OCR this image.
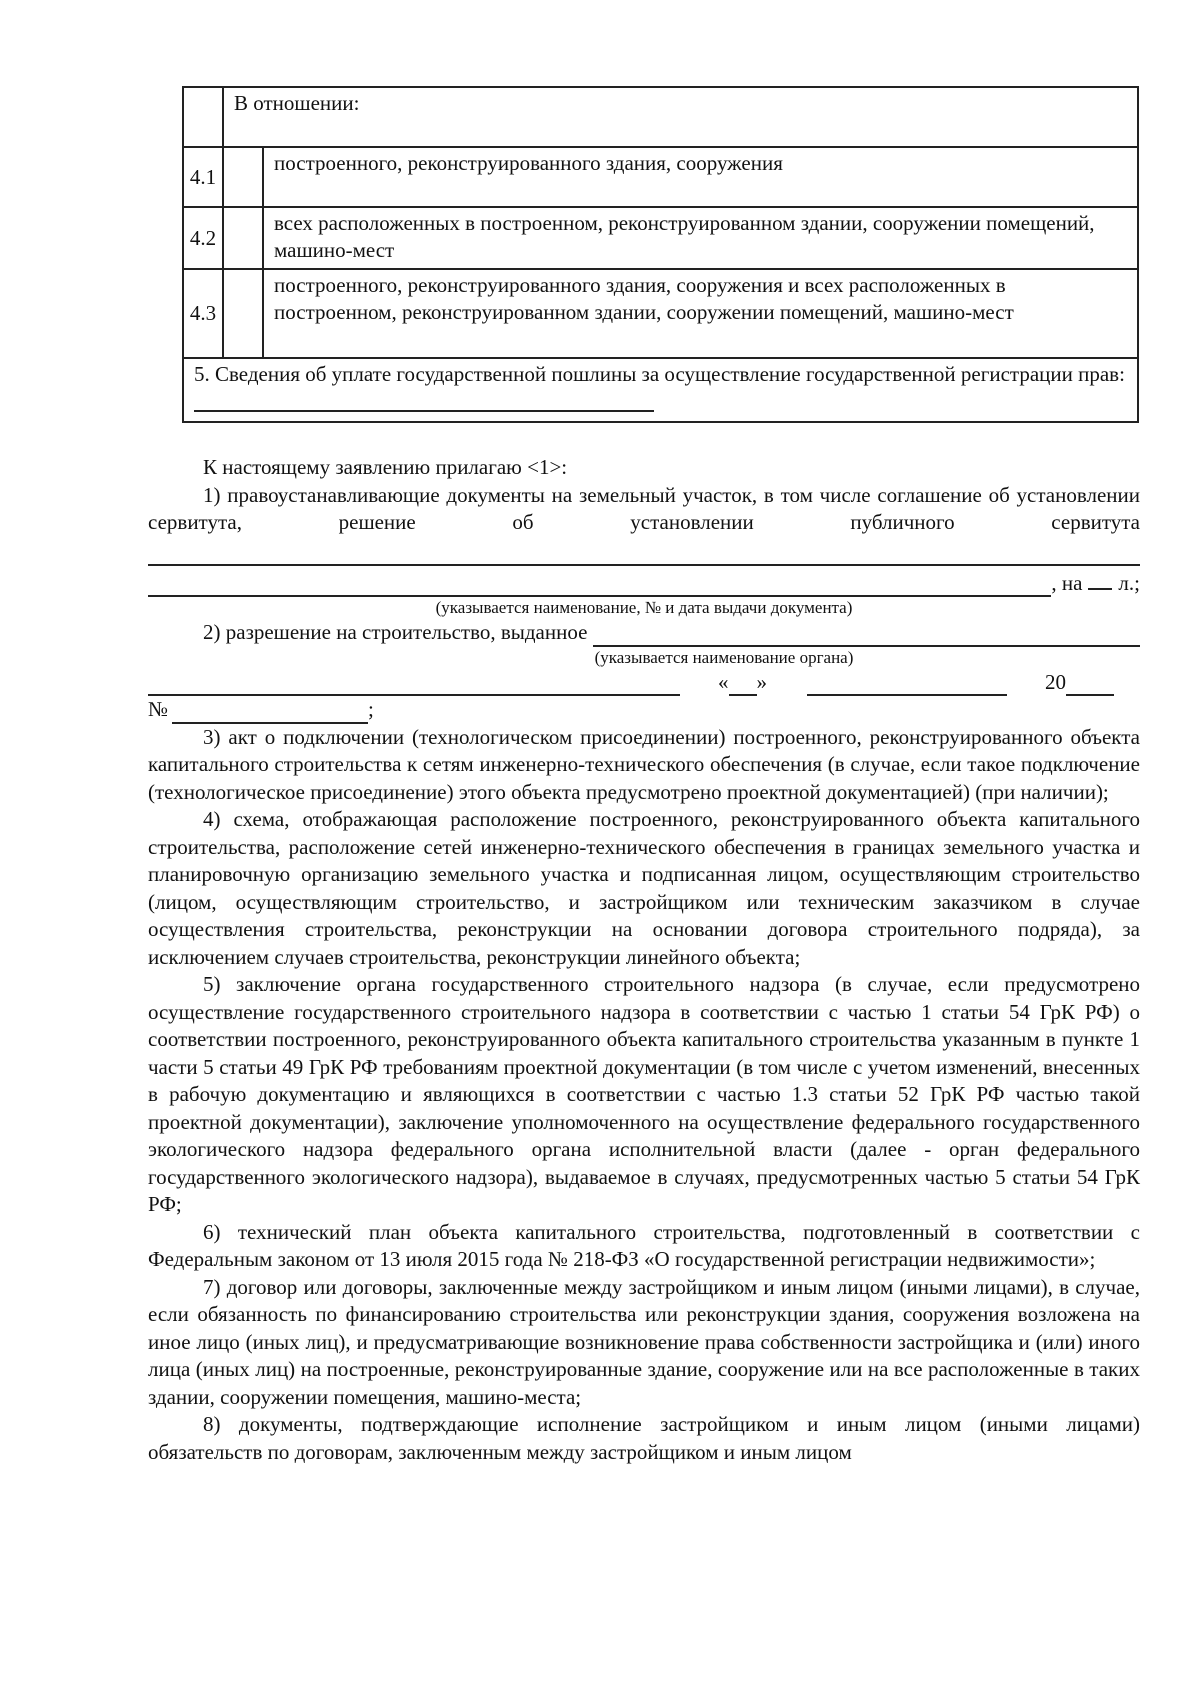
	В отношении:	
4.1		построенного, реконструированного здания, сооружения
4.2		всех расположенных в построенном, реконструированном здании, сооружении помещений, машино-мест
4.3		построенного, реконструированного здания, сооружения и всех расположенных в построенном, реконструированном здании, сооружении помещений, машино-мест
5. Сведения об уплате государственной пошлины за осуществление государственной регистрации прав:		

К настоящему заявлению прилагаю <1>:

1) правоустанавливающие документы на земельный участок, в том числе соглашение об установлении сервитута, решение об установлении публичного сервитута

, на л.;
(указывается наименование, № и дата выдачи документа)
2) разрешение на строительство, выданное
(указывается наименование органа)
« »	20
№	;

3) акт о подключении (технологическом присоединении) построенного, реконструированного объекта капитального строительства к сетям инженерно-технического обеспечения (в случае, если такое подключение (технологическое присоединение) этого объекта предусмотрено проектной документацией) (при наличии);

4) схема, отображающая расположение построенного, реконструированного объекта капитального строительства, расположение сетей инженерно-технического обеспечения в границах земельного участка и планировочную организацию земельного участка и подписанная лицом, осуществляющим строительство (лицом, осуществляющим строительство, и застройщиком или техническим заказчиком в случае осуществления строительства, реконструкции на основании договора строительного подряда), за исключением случаев строительства, реконструкции линейного объекта;

5) заключение органа государственного строительного надзора (в случае, если предусмотрено осуществление государственного строительного надзора в соответствии с частью 1 статьи 54 ГрК РФ) о соответствии построенного, реконструированного объекта капитального строительства указанным в пункте 1 части 5 статьи 49 ГрК РФ требованиям проектной документации (в том числе с учетом изменений, внесенных в рабочую документацию и являющихся в соответствии с частью 1.3 статьи 52 ГрК РФ частью такой проектной документации), заключение уполномоченного на осуществление федерального государственного экологического надзора федерального органа исполнительной власти (далее - орган федерального государственного экологического надзора), выдаваемое в случаях, предусмотренных частью 5 статьи 54 ГрК РФ;

6) технический план объекта капитального строительства, подготовленный в соответствии с Федеральным законом от 13 июля 2015 года № 218-ФЗ «О государственной регистрации недвижимости»;

7) договор или договоры, заключенные между застройщиком и иным лицом (иными лицами), в случае, если обязанность по финансированию строительства или реконструкции здания, сооружения возложена на иное лицо (иных лиц), и предусматривающие возникновение права собственности застройщика и (или) иного лица (иных лиц) на построенные, реконструированные здание, сооружение или на все расположенные в таких здании, сооружении помещения, машино-места;

8) документы, подтверждающие исполнение застройщиком и иным лицом (иными лицами) обязательств по договорам, заключенным между застройщиком и иным лицом
